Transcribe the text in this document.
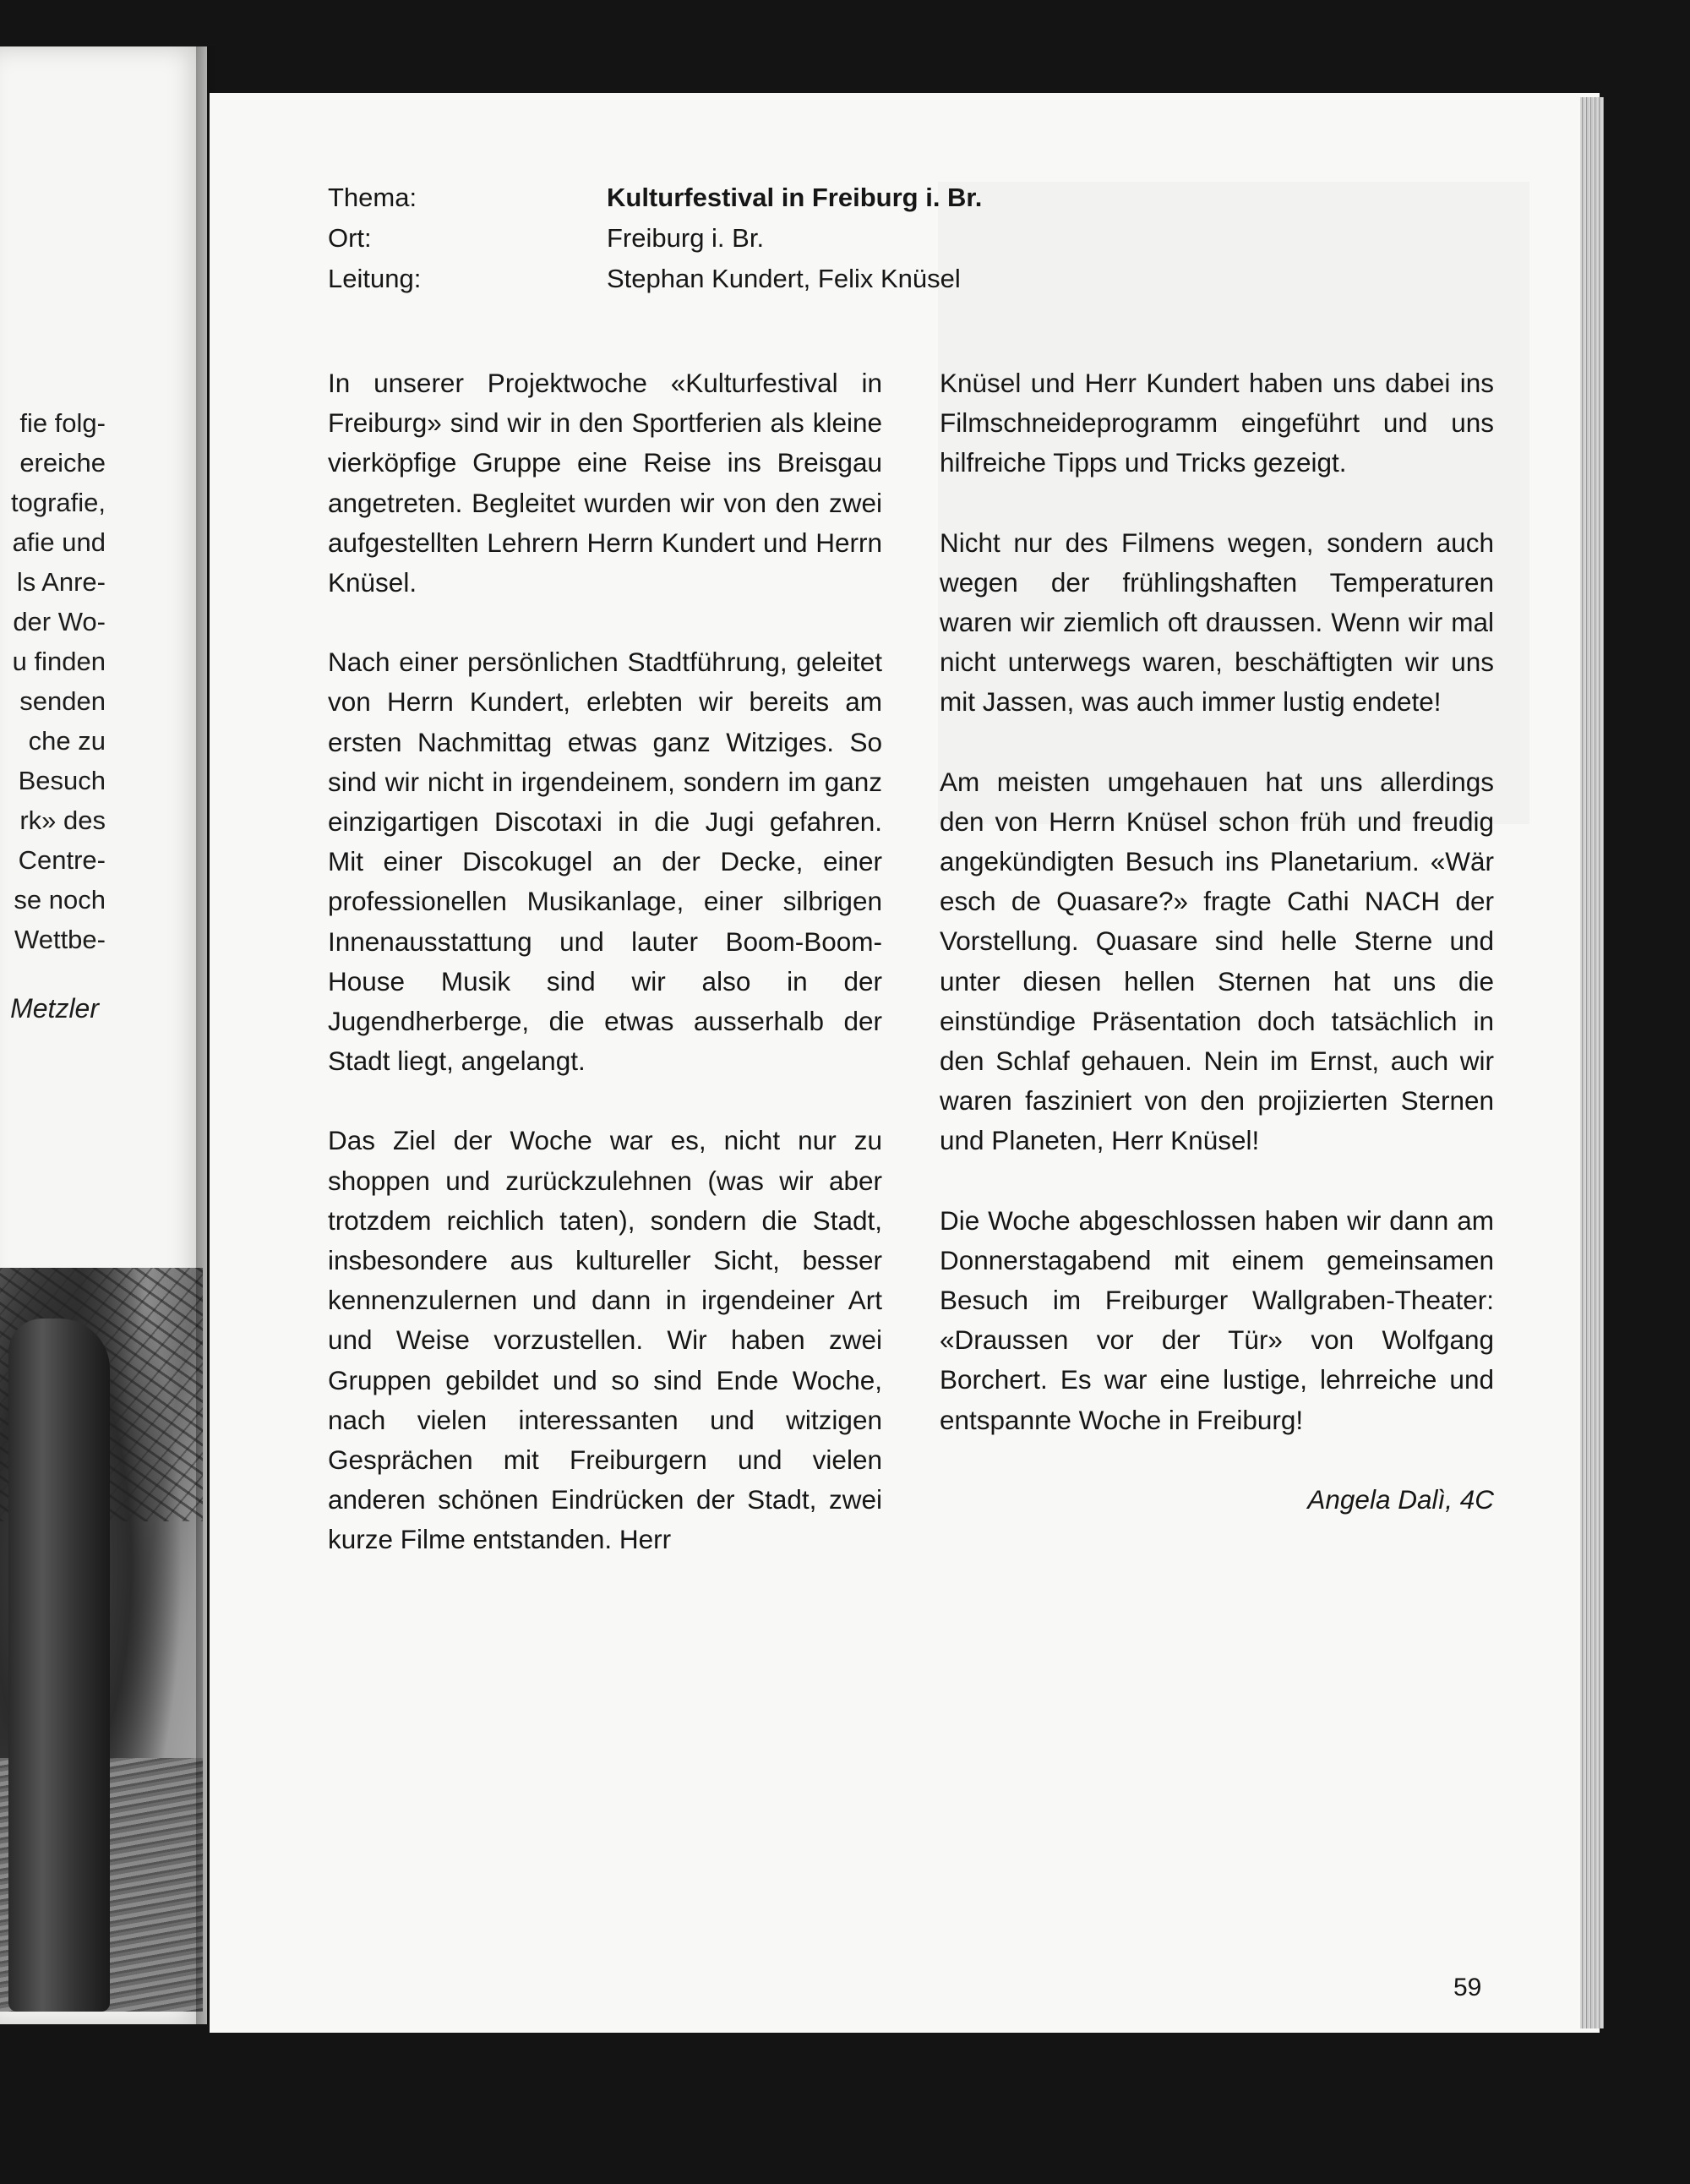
fie folg-
ereiche
tografie,
afie und
ls Anre-
der Wo-
u finden
senden
che zu
Besuch
rk» des
Centre-
se noch
Wettbe-
Metzler
Thema:	Kulturfestival in Freiburg i. Br.
Ort:	Freiburg i. Br.
Leitung:	Stephan Kundert, Felix Knüsel

In unserer Projektwoche «Kulturfestival in Freiburg» sind wir in den Sportferien als kleine vierköpfige Gruppe eine Reise ins Breisgau angetreten. Begleitet wurden wir von den zwei aufgestellten Lehrern Herrn Kundert und Herrn Knüsel.

Nach einer persönlichen Stadtführung, geleitet von Herrn Kundert, erlebten wir bereits am ersten Nachmittag etwas ganz Witziges. So sind wir nicht in irgendeinem, sondern im ganz einzigartigen Discotaxi in die Jugi gefahren. Mit einer Discokugel an der Decke, einer professionellen Musikanlage, einer silbrigen Innenausstattung und lauter Boom-Boom-House Musik sind wir also in der Jugendherberge, die etwas ausserhalb der Stadt liegt, angelangt.

Das Ziel der Woche war es, nicht nur zu shoppen und zurückzulehnen (was wir aber trotzdem reichlich taten), sondern die Stadt, insbesondere aus kultureller Sicht, besser kennenzulernen und dann in irgendeiner Art und Weise vorzustellen. Wir haben zwei Gruppen gebildet und so sind Ende Woche, nach vielen interessanten und witzigen Gesprächen mit Freiburgern und vielen anderen schönen Eindrücken der Stadt, zwei kurze Filme entstanden. Herr

Knüsel und Herr Kundert haben uns dabei ins Filmschneideprogramm eingeführt und uns hilfreiche Tipps und Tricks gezeigt.

Nicht nur des Filmens wegen, sondern auch wegen der frühlingshaften Temperaturen waren wir ziemlich oft draussen. Wenn wir mal nicht unterwegs waren, beschäftigten wir uns mit Jassen, was auch immer lustig endete!

Am meisten umgehauen hat uns allerdings den von Herrn Knüsel schon früh und freudig angekündigten Besuch ins Planetarium. «Wär esch de Quasare?» fragte Cathi NACH der Vorstellung. Quasare sind helle Sterne und unter diesen hellen Sternen hat uns die einstündige Präsentation doch tatsächlich in den Schlaf gehauen. Nein im Ernst, auch wir waren fasziniert von den projizierten Sternen und Planeten, Herr Knüsel!

Die Woche abgeschlossen haben wir dann am Donnerstagabend mit einem gemeinsamen Besuch im Freiburger Wallgraben-Theater: «Draussen vor der Tür» von Wolfgang Borchert. Es war eine lustige, lehrreiche und entspannte Woche in Freiburg!

Angela Dalì, 4C

59
